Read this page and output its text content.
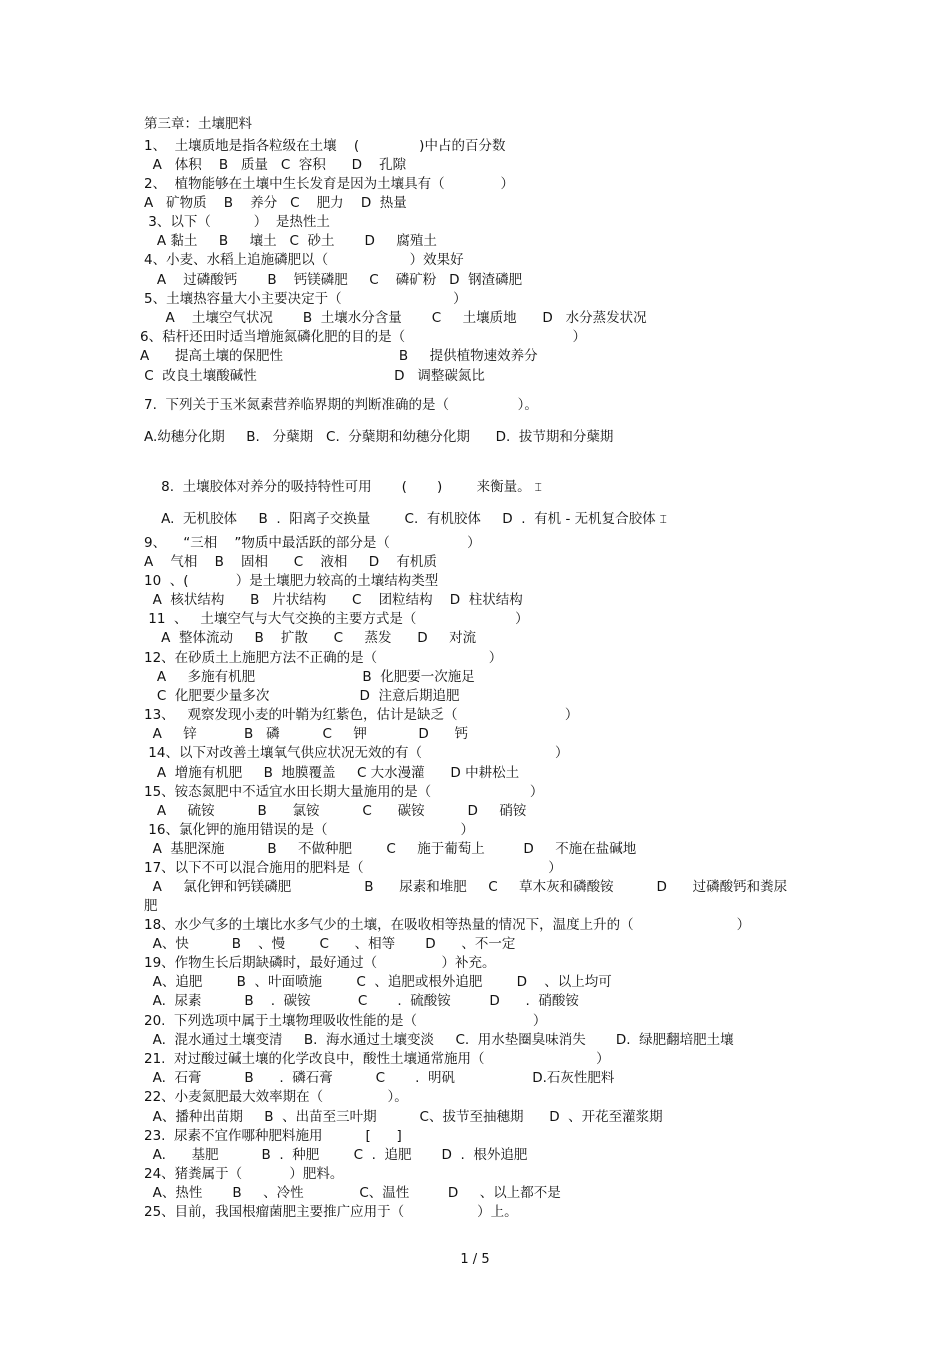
第三章：土壤肥料
1、  土壤质地是指各粒级在土壤    (              )中占的百分数
A   体积    B   质量   C  容积      D    孔隙
2、  植物能够在土壤中生长发育是因为土壤具有（             ）
A   矿物质    B    养分   C    肥力    D  热量
3、以下（          ）  是热性土
A 黏土     B     壤土   C  砂土       D     腐殖土
4、小麦、水稻上追施磷肥以（                   ）效果好
A    过磷酸钙       B    钙镁磷肥     C    磷矿粉   D  钢渣磷肥
5、土壤热容量大小主要决定于（                          ）
A    土壤空气状况       B  土壤水分含量       C     土壤质地      D   水分蒸发状况
6、秸杆还田时适当增施氮磷化肥的目的是（                                       ）
A      提高土壤的保肥性                           B     提供植物速效养分
C  改良土壤酸碱性                                D   调整碳氮比
7.  下列关于玉米氮素营养临界期的判断准确的是（                ）。
A.幼穗分化期     B.   分蘖期   C.  分蘖期和幼穗分化期      D.  拔节期和分蘖期

8.  土壤胶体对养分的吸持特性可用       (       )        来衡量。 ⌶

A.  无机胶体     B  .  阳离子交换量        C.  有机胶体     D  .  有机 - 无机复合胶体 ⌶

9、    “三相    ”物质中最活跃的部分是（                  ）
A    气相    B    固相      C    液相     D    有机质
10  、(           ）是土壤肥力较高的土壤结构类型
A  核状结构      B   片状结构      C    团粒结构    D  柱状结构
11  、   土壤空气与大气交换的主要方式是（                       ）
A  整体流动     B    扩散      C     蒸发      D     对流
12、在砂质土上施肥方法不正确的是（                          ）
A     多施有机肥                         B  化肥要一次施足
C  化肥要少量多次                     D  注意后期追肥
13、   观察发现小麦的叶鞘为红紫色，估计是缺乏（                         ）
A     锌           B   磷          C     钾            D      钙
14、以下对改善土壤氧气供应状况无效的有（                               ）
A  增施有机肥     B  地膜覆盖     C 大水漫灌      D 中耕松土
15、铵态氮肥中不适宜水田长期大量施用的是（                       ）
A     硫铵          B      氯铵          C      碳铵          D     硝铵
16、氯化钾的施用错误的是（                               ）
A  基肥深施          B     不做种肥        C     施于葡萄上         D     不施在盐碱地
17、以下不可以混合施用的肥料是（                                           ）
A     氯化钾和钙镁磷肥                 B      尿素和堆肥     C     草木灰和磷酸铵          D      过磷酸钙和粪尿
肥
18、水少气多的土壤比水多气少的土壤，在吸收相等热量的情况下，温度上升的（                        ）
A、快          B    、慢        C      、相等       D      、不一定
19、作物生长后期缺磷时，最好通过（               ）补充。
A、追肥        B  、叶面喷施        C  、追肥或根外追肥        D    、以上均可
A.  尿素          B    .  碳铵           C       .  硫酸铵         D      .  硝酸铵
20.  下列选项中属于土壤物理吸收性能的是（                           ）
A.  混水通过土壤变清     B.  海水通过土壤变淡     C.  用水垫圈臭味消失       D.  绿肥翻培肥土壤
21.  对过酸过碱土壤的化学改良中，酸性土壤通常施用（                          ）
A.  石膏          B      .  磷石膏          C       .  明矾                  D.石灰性肥料
22、小麦氮肥最大效率期在（               ）。
A、播种出苗期     B  、出苗至三叶期          C、拔节至抽穗期      D  、开花至灌浆期
23.  尿素不宜作哪种肥料施用          [      ]
A.      基肥          B  .  种肥        C  .  追肥       D  .  根外追肥
24、猪粪属于（           ）肥料。
A、热性       B     、冷性             C、温性         D     、以上都不是
25、目前，我国根瘤菌肥主要推广应用于（                 ）上。
1 / 5
